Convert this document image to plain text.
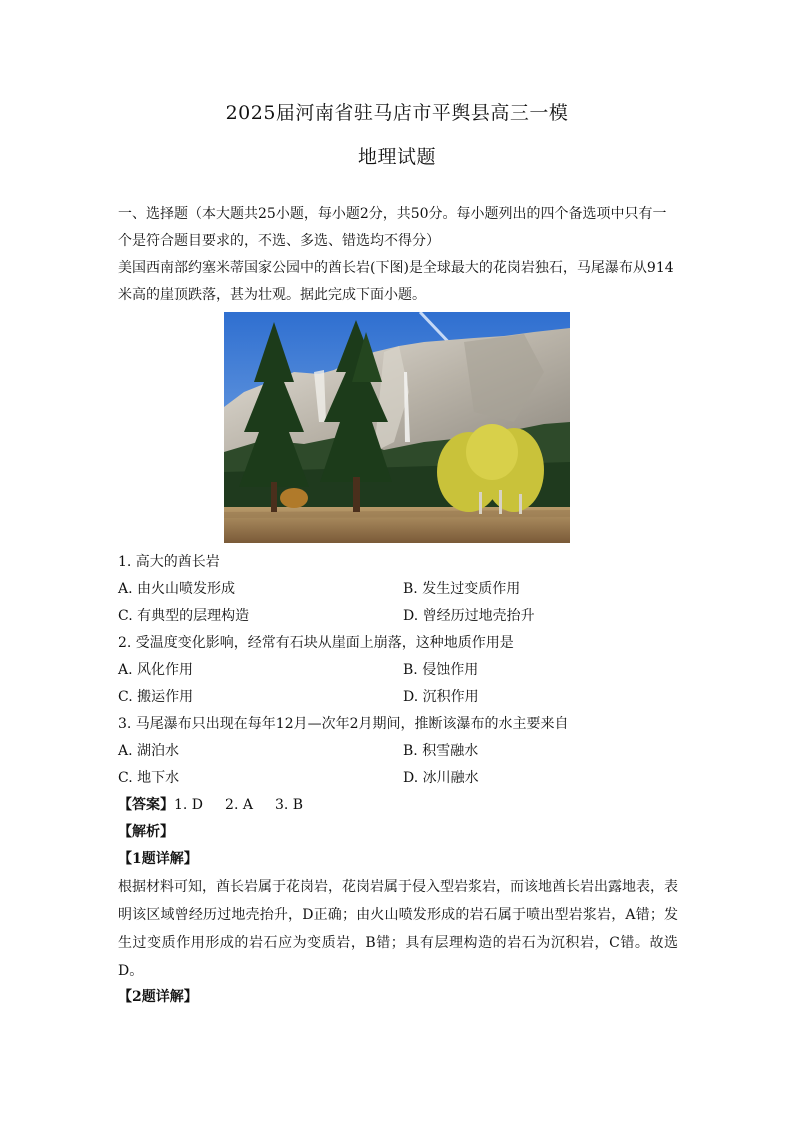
2025届河南省驻马店市平舆县高三一模
地理试题
一、选择题（本大题共25小题，每小题2分，共50分。每小题列出的四个备选项中只有一
个是符合题目要求的，不选、多选、错选均不得分）
美国西南部约塞米蒂国家公园中的酋长岩(下图)是全球最大的花岗岩独石，马尾瀑布从914
米高的崖顶跌落，甚为壮观。据此完成下面小题。
1. 高大的酋长岩
A. 由火山喷发形成	B. 发生过变质作用
C. 有典型的层理构造	D. 曾经历过地壳抬升
2. 受温度变化影响，经常有石块从崖面上崩落，这种地质作用是
A. 风化作用	B. 侵蚀作用
C. 搬运作用	D. 沉积作用
3. 马尾瀑布只出现在每年12月—次年2月期间，推断该瀑布的水主要来自
A. 湖泊水	B. 积雪融水
C. 地下水	D. 冰川融水
【答案】1. D 2. A 3. B
【解析】
【1题详解】
根据材料可知，酋长岩属于花岗岩，花岗岩属于侵入型岩浆岩，而该地酋长岩出露地表，表明该区域曾经历过地壳抬升，D正确；由火山喷发形成的岩石属于喷出型岩浆岩，A错；发生过变质作用形成的岩石应为变质岩，B错；具有层理构造的岩石为沉积岩，C错。故选D。
【2题详解】
